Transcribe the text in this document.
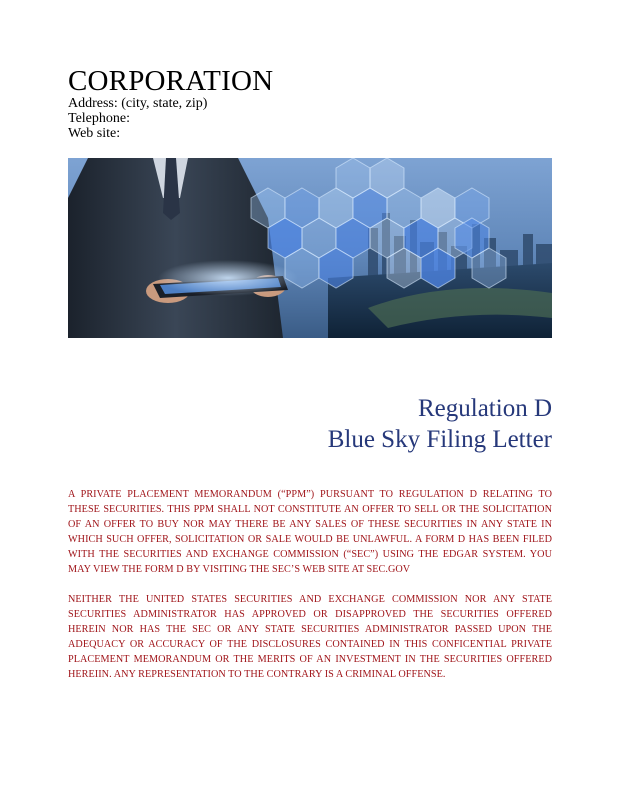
CORPORATION
Address: (city, state, zip)
Telephone:
Web site:
Regulation D
Blue Sky Filing Letter
A PRIVATE PLACEMENT MEMORANDUM (“PPM”) PURSUANT TO REGULATION D RELATING TO THESE SECURITIES. THIS PPM SHALL NOT CONSTITUTE AN OFFER TO SELL OR THE SOLICITATION OF AN OFFER TO BUY NOR MAY THERE BE ANY SALES OF THESE SECURITIES IN ANY STATE IN WHICH SUCH OFFER, SOLICITATION OR SALE WOULD BE UNLAWFUL. A FORM D HAS BEEN FILED WITH THE SECURITIES AND EXCHANGE COMMISSION (“SEC”) USING THE EDGAR SYSTEM. YOU MAY VIEW THE FORM D BY VISITING THE SEC’S WEB SITE AT SEC.GOV
NEITHER THE UNITED STATES SECURITIES AND EXCHANGE COMMISSION NOR ANY STATE SECURITIES ADMINISTRATOR HAS APPROVED OR DISAPPROVED THE SECURITIES OFFERED HEREIN NOR HAS THE SEC OR ANY STATE SECURITIES ADMINISTRATOR PASSED UPON THE ADEQUACY OR ACCURACY OF THE DISCLOSURES CONTAINED IN THIS CONFICENTIAL PRIVATE PLACEMENT MEMORANDUM OR THE MERITS OF AN INVESTMENT IN THE SECURITIES OFFERED HEREIIN. ANY REPRESENTATION TO THE CONTRARY IS A CRIMINAL OFFENSE.
